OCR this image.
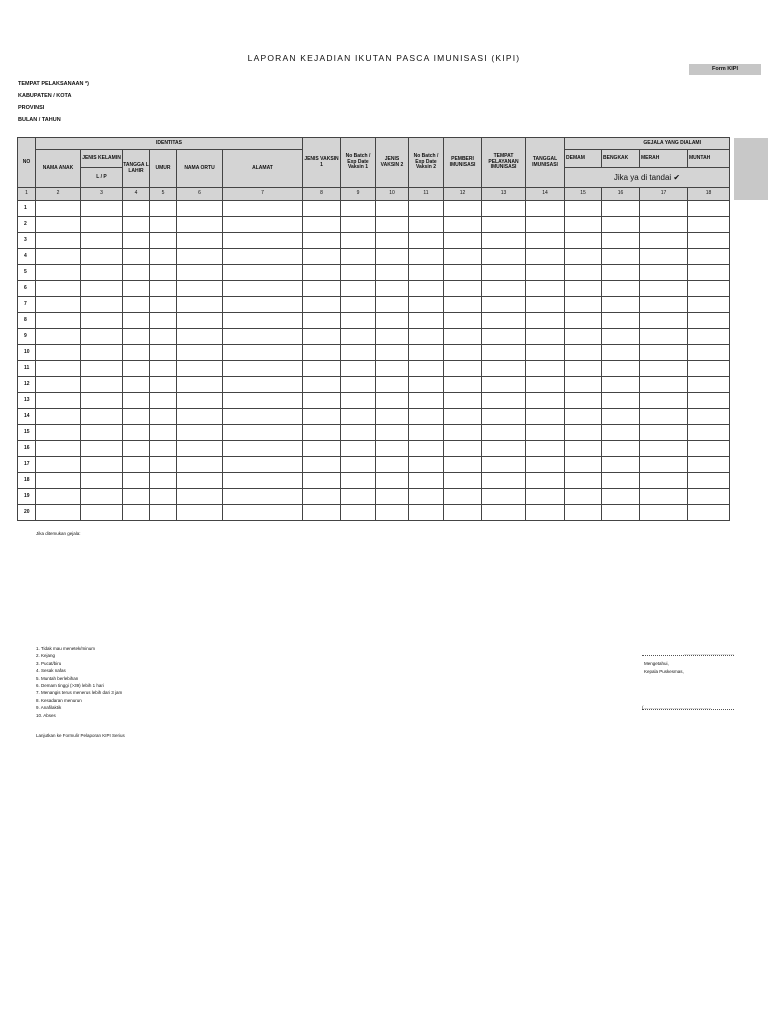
LAPORAN KEJADIAN IKUTAN PASCA IMUNISASI (KIPI)
Form KIPI
TEMPAT PELAKSANAAN *)
KABUPATEN / KOTA
PROVINSI
BULAN / TAHUN
NO	IDENTITAS						JENIS VAKSIN 1	No Batch / Exp Date Vaksin 1	JENIS VAKSIN 2	No Batch / Exp Date Vaksin 2	PEMBERI IMUNISASI	TEMPAT PELAYANAN IMUNISASI	TANGGAL IMUNISASI	GEJALA YANG DIALAMI			
	NAMA ANAK	JENIS KELAMIN	TANGGA L LAHIR	UMUR	NAMA ORTU	ALAMAT								DEMAM	BENGKAK	MERAH	MUNTAH
		L / P												Jika ya di tandai ✔			
1	2	3	4	5	6	7	8	9	10	11	12	13	14	15	16	17	18
1																	
2																	
3																	
4																	
5																	
6																	
7																	
8																	
9																	
10																	
11																	
12																	
13																	
14																	
15																	
16																	
17																	
18																	
19																	
20																	
Jika ditemukan gejala:
1. Tidak mau menetek/minum
2. Kejang
3. Pucat/biru
4. Sesak nafas
5. Muntah berlebihan
6. Demam tinggi (>39) lebih 1 hari
7. Menangis terus menerus lebih dari 3 jam
8. Kesadaran menurun
9. Anafilaktik
10. Abses
Lanjutkan ke Formulir Pelaporan KIPI Serius
..........................,..................
Mengetahui,
Kepala Puskesmas,
(......................................................
